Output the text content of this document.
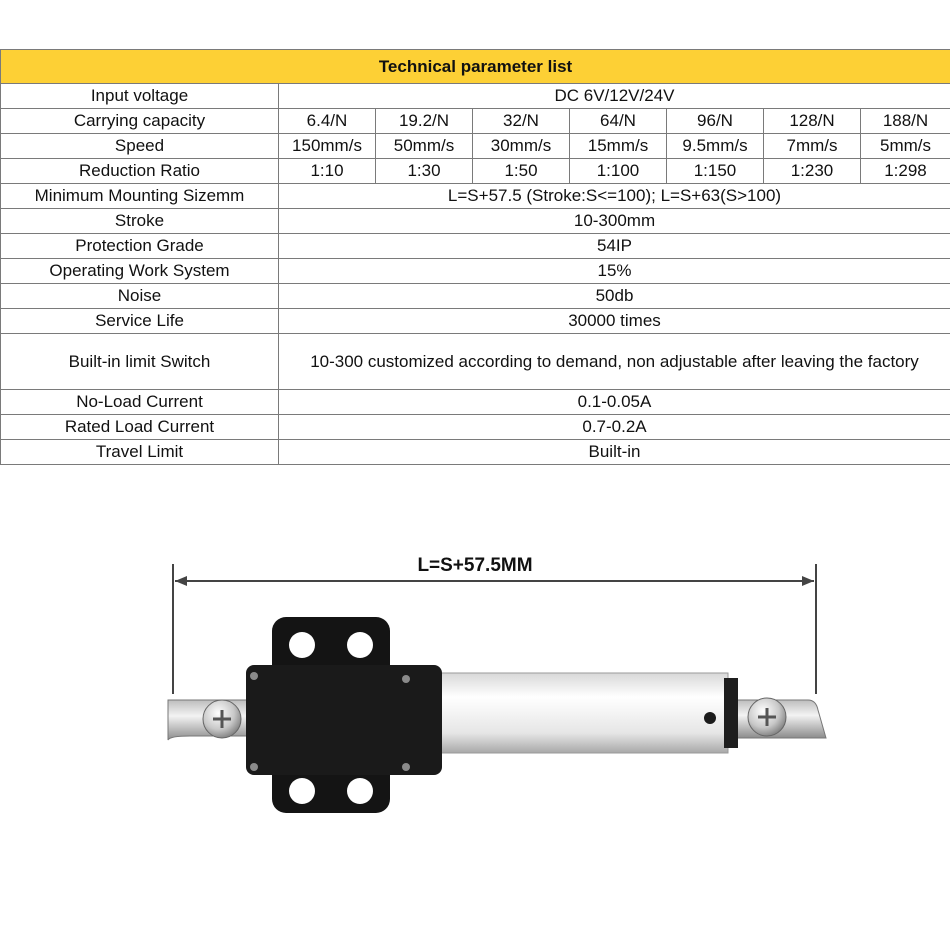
Technical parameter list							
Input voltage	DC 6V/12V/24V						
Carrying capacity	6.4/N	19.2/N	32/N	64/N	96/N	128/N	188/N
Speed	150mm/s	50mm/s	30mm/s	15mm/s	9.5mm/s	7mm/s	5mm/s
Reduction Ratio	1:10	1:30	1:50	1:100	1:150	1:230	1:298
Minimum Mounting Sizemm	L=S+57.5 (Stroke:S<=100); L=S+63(S>100)						
Stroke	10-300mm						
Protection Grade	54IP						
Operating Work System	15%						
Noise	50db						
Service Life	30000 times						
Built-in limit Switch	10-300 customized according to demand, non adjustable after leaving the factory						
No-Load Current	0.1-0.05A						
Rated Load Current	0.7-0.2A						
Travel Limit	Built-in						
L=S+57.5MM
